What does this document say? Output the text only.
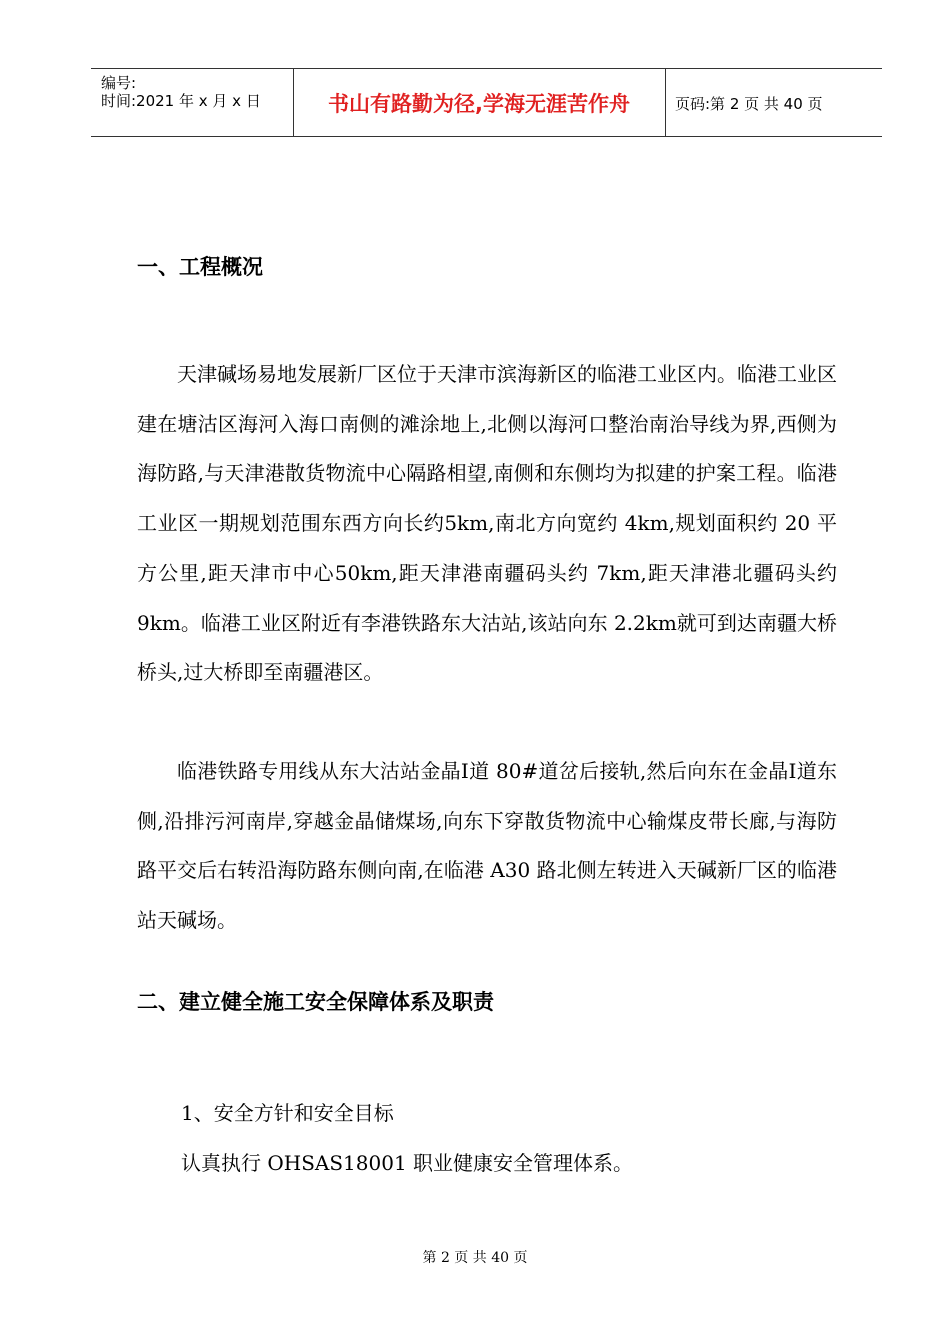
编号:
时间:2021 年 x 月 x 日	书山有路勤为径,学海无涯苦作舟	页码:第 2 页 共 40 页
一、工程概况

天津碱场易地发展新厂区位于天津市滨海新区的临港工业区内。临港工业区建在塘沽区海河入海口南侧的滩涂地上,北侧以海河口整治南治导线为界,西侧为海防路,与天津港散货物流中心隔路相望,南侧和东侧均为拟建的护案工程。临港工业区一期规划范围东西方向长约5km,南北方向宽约 4km,规划面积约 20 平方公里,距天津市中心50km,距天津港南疆码头约 7km,距天津港北疆码头约 9km。临港工业区附近有李港铁路东大沽站,该站向东 2.2km就可到达南疆大桥桥头,过大桥即至南疆港区。

临港铁路专用线从东大沽站金晶Ⅰ道 80#道岔后接轨,然后向东在金晶Ⅰ道东侧,沿排污河南岸,穿越金晶储煤场,向东下穿散货物流中心输煤皮带长廊,与海防路平交后右转沿海防路东侧向南,在临港 A30 路北侧左转进入天碱新厂区的临港站天碱场。

二、建立健全施工安全保障体系及职责
1、安全方针和安全目标
认真执行 OHSAS18001 职业健康安全管理体系。
第 2 页 共 40 页
